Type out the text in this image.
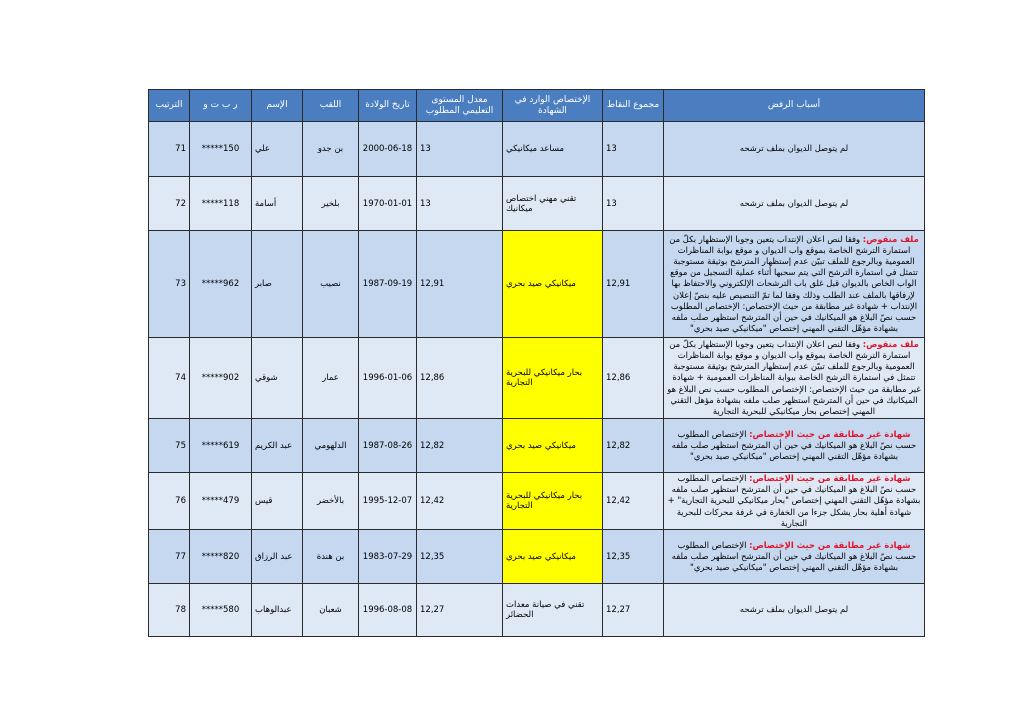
أسباب الرفض	مجموع النقاط	الإختصاص الوارد في الشهادة	معدل المستوى التعليمي المطلوب	تاريخ الولادة	اللقب	الإسم	ر ب ت و	الترتيب
لم يتوصل الديوان بملف ترشحه	13	مساعد ميكانيكي	13	2000-06-18	بن جدو	علي	*****150	71
لم يتوصل الديوان بملف ترشحه	13	تقني مهني اختصاص ميكانيك	13	1970-01-01	بلخير	أسامة	*****118	72
ملف منقوص: وفقا لنص اعلان الإنتداب يتعين وجوبا الإستظهار بكلّ من استمارة الترشح الخاصة بموقع واب الديوان و موقع بوابة المناظرات العمومية وبالرجوع للملف تبيّن عدم إستظهار المترشح بوثيقة مستوجبة تتمثل في استمارة الترشح التي يتم سحبها أثناء عملية التسجيل من موقع الواب الخاص بالديوان قبل غلق باب الترشحات الإلكتروني والاحتفاظ بها لإرفاقها بالملف عند الطلب وذلك وفقا لما تمّ التنصيص عليه بنصّ إعلان الإنتداب + شهادة غير مطابقة من حيث الإختصاص: الإختصاص المطلوب حسب نصّ البلاغ هو الميكانيك في حين أن المترشح استظهر صلب ملفه بشهادة مؤهّل التقني المهني إختصاص "ميكانيكي صيد بحري"	12,91	ميكانيكي صيد بحري	12,91	1987-09-19	نصيب	صابر	*****962	73
ملف منقوص: وفقا لنص اعلان الإنتداب يتعين وجوبا الإستظهار بكلّ من استمارة الترشح الخاصة بموقع واب الديوان و موقع بوابة المناظرات العمومية وبالرجوع للملف تبيّن عدم إستظهار المترشح بوثيقة مستوجبة تتمثل في استمارة الترشح الخاصة ببوابة المناظرات العمومية + شهادة غير مطابقة من حيث الإختصاص: الإختصاص المطلوب حسب نص البلاغ هو الميكانيك في حين أن المترشح استظهر صلب ملفه بشهادة مؤهل التقني المهني إختصاص بحار ميكانيكي للبحرية التجارية	12,86	بحار ميكانيكي للبحرية التجارية	12,86	1996-01-06	عمار	شوقي	*****902	74
شهادة غير مطابقة من حيث الإختصاص: الإختصاص المطلوب حسب نصّ البلاغ هو الميكانيك في حين أن المترشح استظهر صلب ملفه بشهادة مؤهّل التقني المهني إختصاص "ميكانيكي صيد بحري"	12,82	ميكانيكي صيد بحري	12,82	1987-08-26	الدلهومي	عبد الكريم	*****619	75
شهادة غير مطابقة من حيث الإختصاص: الإختصاص المطلوب حسب نصّ البلاغ هو الميكانيك في حين أن المترشح استظهر صلب ملفه بشهادة مؤهّل التقني المهني إختصاص "بحار ميكانيكي للبحرية التجارية" + شهادة أهلية بحار يشكل جزءا من الخفارة في غرفة محركات للبحرية التجارية	12,42	بحار ميكانيكي للبحرية التجارية	12,42	1995-12-07	بالأخضر	قيس	*****479	76
شهادة غير مطابقة من حيث الإختصاص: الإختصاص المطلوب حسب نصّ البلاغ هو الميكانيك في حين أن المترشح استظهر صلب ملفه بشهادة مؤهّل التقني المهني إختصاص "ميكانيكي صيد بحري"	12,35	ميكانيكي صيد بحري	12,35	1983-07-29	بن هندة	عبد الرزاق	*****820	77
لم يتوصل الديوان بملف ترشحه	12,27	تقني في صيانة معدات الحضائر	12,27	1996-08-08	شعبان	عبدالوهاب	*****580	78
